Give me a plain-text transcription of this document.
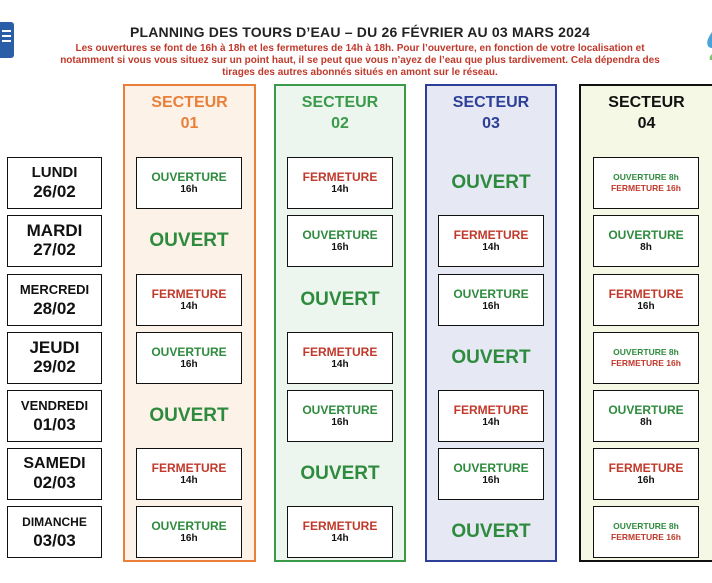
PLANNING DES TOURS D’EAU – DU 26 FÉVRIER AU 03 MARS 2024
Les ouvertures se font de 16h à 18h et les fermetures de 14h à 18h. Pour l’ouverture, en fonction de votre localisation et
notamment si vous vous situez sur un point haut, il se peut que vous n’ayez de l’eau que plus tardivement. Cela dépendra des
tirages des autres abonnés situés en amont sur le réseau.
SECTEUR
01
SECTEUR
02
SECTEUR
03
SECTEUR
04
LUNDI
26/02
MARDI
27/02
MERCREDI
28/02
JEUDI
29/02
VENDREDI
01/03
SAMEDI
02/03
DIMANCHE
03/03
OUVERTURE
16h
OUVERT
FERMETURE
14h
OUVERTURE
16h
OUVERT
FERMETURE
14h
OUVERTURE
16h
FERMETURE
14h
OUVERTURE
16h
OUVERT
FERMETURE
14h
OUVERTURE
16h
OUVERT
FERMETURE
14h
OUVERT
FERMETURE
14h
OUVERTURE
16h
OUVERT
FERMETURE
14h
OUVERTURE
16h
OUVERT
OUVERTURE 8h
FERMETURE 16h
OUVERTURE
8h
FERMETURE
16h
OUVERTURE 8h
FERMETURE 16h
OUVERTURE
8h
FERMETURE
16h
OUVERTURE 8h
FERMETURE 16h
